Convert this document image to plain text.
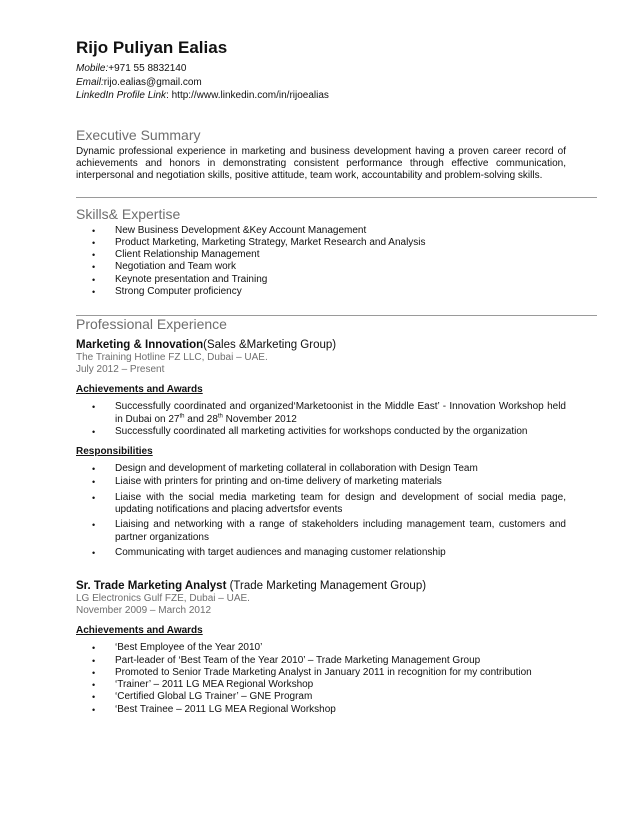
Rijo Puliyan Ealias
Mobile:+971 55 8832140
Email:rijo.ealias@gmail.com
LinkedIn Profile Link: http://www.linkedin.com/in/rijoealias
Executive Summary
Dynamic professional experience in marketing and business development having a proven career record of achievements and honors in demonstrating consistent performance through effective communication, interpersonal and negotiation skills, positive attitude, team work, accountability and problem-solving skills.
Skills& Expertise
• New Business Development &Key Account Management
• Product Marketing, Marketing Strategy, Market Research and Analysis
• Client Relationship Management
• Negotiation and Team work
• Keynote presentation and Training
• Strong Computer proficiency
Professional Experience
Marketing & Innovation(Sales &Marketing Group)
The Training Hotline FZ LLC, Dubai – UAE.
July 2012 – Present
Achievements and Awards
• Successfully coordinated and organized‘Marketoonist in the Middle East’ - Innovation Workshop held in Dubai on 27th and 28th November 2012
• Successfully coordinated all marketing activities for workshops conducted by the organization
Responsibilities
• Design and development of marketing collateral in collaboration with Design Team
• Liaise with printers for printing and on-time delivery of marketing materials
• Liaise with the social media marketing team for design and development of social media page, updating notifications and placing advertsfor events
• Liaising and networking with a range of stakeholders including management team, customers and partner organizations
• Communicating with target audiences and managing customer relationship
Sr. Trade Marketing Analyst (Trade Marketing Management Group)
LG Electronics Gulf FZE, Dubai – UAE.
November 2009 – March 2012
Achievements and Awards
• ‘Best Employee of the Year 2010’
• Part-leader of ‘Best Team of the Year 2010’ – Trade Marketing Management Group
• Promoted to Senior Trade Marketing Analyst in January 2011 in recognition for my contribution
• ‘Trainer’ – 2011 LG MEA Regional Workshop
• ‘Certified Global LG Trainer’ – GNE Program
• ‘Best Trainee – 2011 LG MEA Regional Workshop
